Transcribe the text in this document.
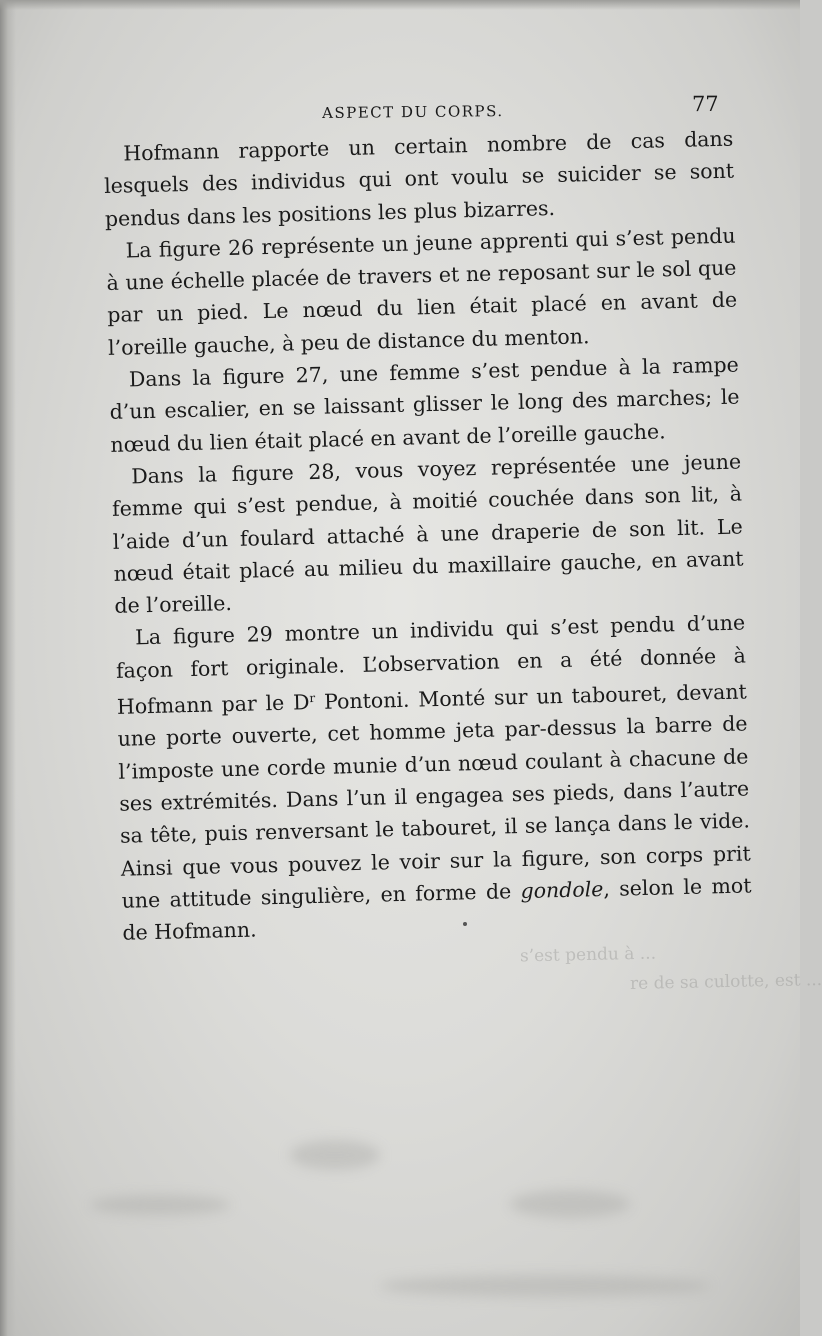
ASPECT DU CORPS.	77

Hofmann rapporte un certain nombre de cas dans lesquels des individus qui ont voulu se suicider se sont pendus dans les positions les plus bizarres.

La figure 26 représente un jeune apprenti qui s’est pendu à une échelle placée de travers et ne reposant sur le sol que par un pied. Le nœud du lien était placé en avant de l’oreille gauche, à peu de distance du menton.

Dans la figure 27, une femme s’est pendue à la rampe d’un escalier, en se laissant glisser le long des marches; le nœud du lien était placé en avant de l’oreille gauche.

Dans la figure 28, vous voyez représentée une jeune femme qui s’est pendue, à moitié couchée dans son lit, à l’aide d’un foulard attaché à une draperie de son lit. Le nœud était placé au milieu du maxillaire gauche, en avant de l’oreille.

La figure 29 montre un individu qui s’est pendu d’une façon fort originale. L’observation en a été donnée à Hofmann par le $D^r$ Pontoni. Monté sur un tabouret, devant une porte ouverte, cet homme jeta par-dessus la barre de l’imposte une corde munie d’un nœud coulant à chacune de ses extrémités. Dans l’un il engagea ses pieds, dans l’autre sa tête, puis renversant le tabouret, il se lança dans le vide. Ainsi que vous pouvez le voir sur la figure, son corps prit une attitude singulière, en forme de gondole, selon le mot de Hofmann.

s’est pendu à ...
re de sa culotte, est ...
